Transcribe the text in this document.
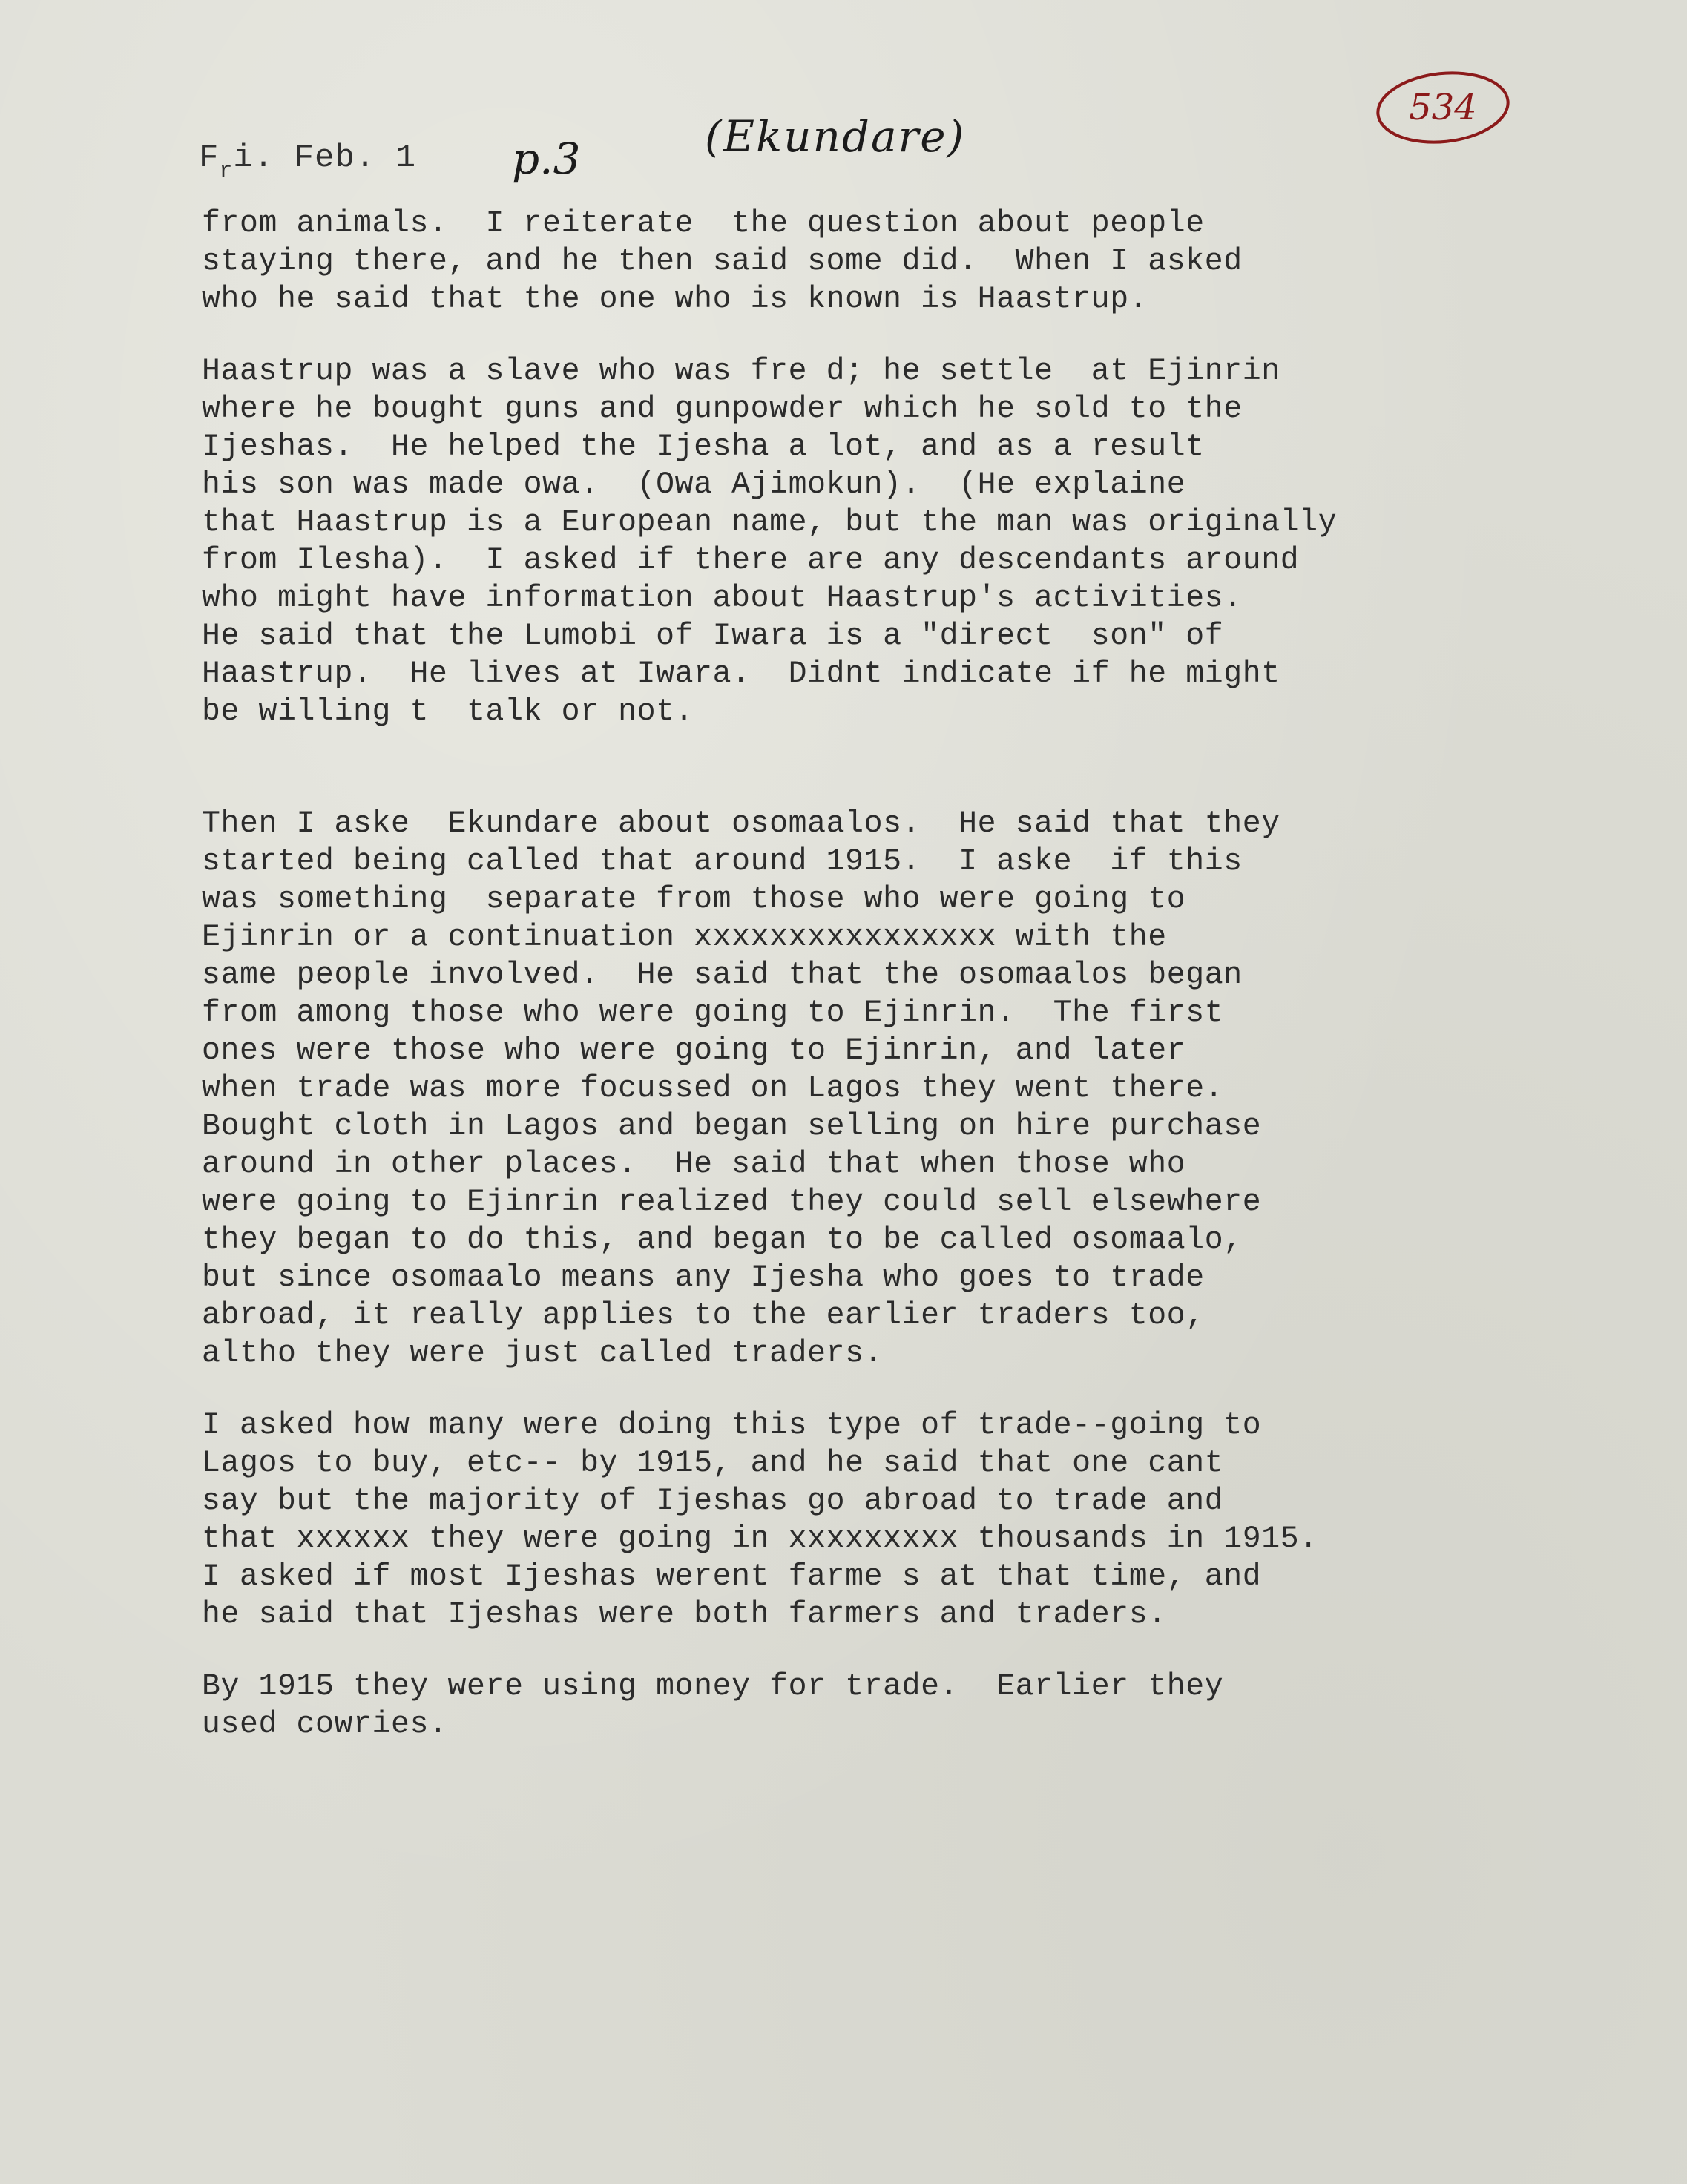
$F_ri$. Feb. 1 p.3	(Ekundare)
534
from animals.  I reiterate  the question about people
staying there, and he then said some did.  When I asked
who he said that the one who is known is Haastrup.
Haastrup was a slave who was fre d; he settle  at Ejinrin
where he bought guns and gunpowder which he sold to the
Ijeshas.  He helped the Ijesha a lot, and as a result
his son was made owa.  (Owa Ajimokun).  (He explaine
that Haastrup is a European name, but the man was originally
from Ilesha).  I asked if there are any descendants around
who might have information about Haastrup's activities.
He said that the Lumobi of Iwara is a "direct  son" of
Haastrup.  He lives at Iwara.  Didnt indicate if he might
be willing t  talk or not.
Then I aske  Ekundare about osomaalos.  He said that they
started being called that around 1915.  I aske  if this
was something  separate from those who were going to
Ejinrin or a continuation xxxxxxxxxxxxxxxx with the
same people involved.  He said that the osomaalos began
from among those who were going to Ejinrin.  The first
ones were those who were going to Ejinrin, and later
when trade was more focussed on Lagos they went there.
Bought cloth in Lagos and began selling on hire purchase
around in other places.  He said that when those who
were going to Ejinrin realized they could sell elsewhere
they began to do this, and began to be called osomaalo,
but since osomaalo means any Ijesha who goes to trade
abroad, it really applies to the earlier traders too,
altho they were just called traders.
I asked how many were doing this type of trade--going to
Lagos to buy, etc-- by 1915, and he said that one cant
say but the majority of Ijeshas go abroad to trade and
that xxxxxx they were going in xxxxxxxxx thousands in 1915.
I asked if most Ijeshas werent farme s at that time, and
he said that Ijeshas were both farmers and traders.
By 1915 they were using money for trade.  Earlier they
used cowries.
